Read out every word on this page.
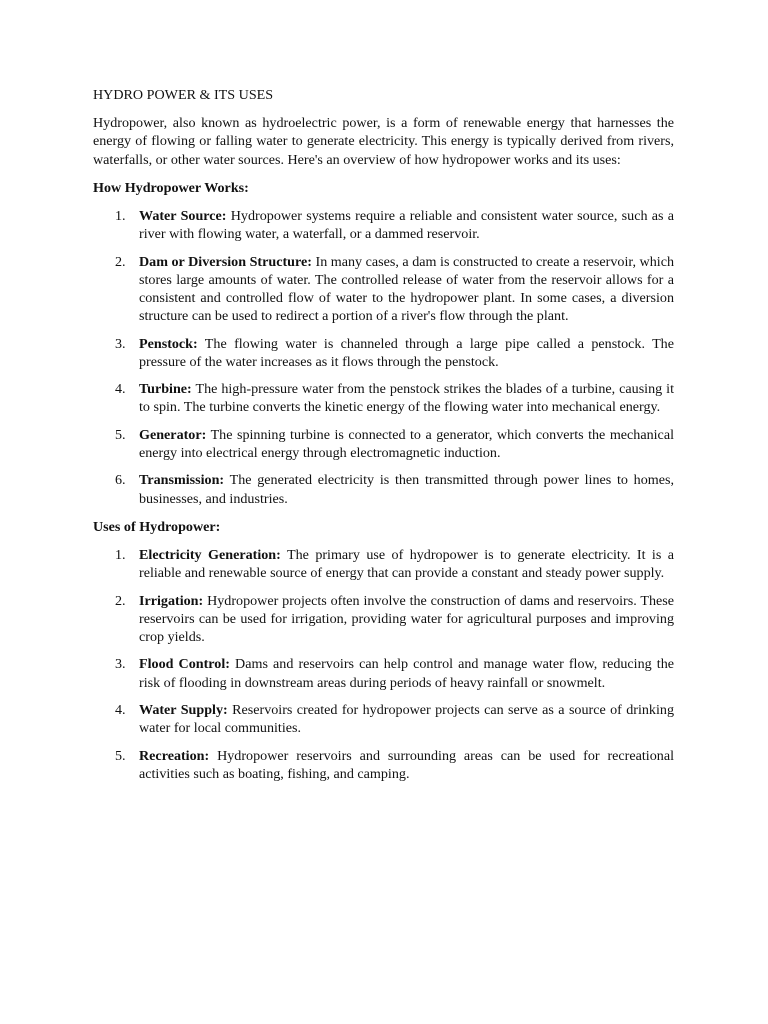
HYDRO POWER & ITS USES

Hydropower, also known as hydroelectric power, is a form of renewable energy that harnesses the energy of flowing or falling water to generate electricity. This energy is typically derived from rivers, waterfalls, or other water sources. Here's an overview of how hydropower works and its uses:

How Hydropower Works:

1. Water Source: Hydropower systems require a reliable and consistent water source, such as a river with flowing water, a waterfall, or a dammed reservoir.
2. Dam or Diversion Structure: In many cases, a dam is constructed to create a reservoir, which stores large amounts of water. The controlled release of water from the reservoir allows for a consistent and controlled flow of water to the hydropower plant. In some cases, a diversion structure can be used to redirect a portion of a river's flow through the plant.
3. Penstock: The flowing water is channeled through a large pipe called a penstock. The pressure of the water increases as it flows through the penstock.
4. Turbine: The high-pressure water from the penstock strikes the blades of a turbine, causing it to spin. The turbine converts the kinetic energy of the flowing water into mechanical energy.
5. Generator: The spinning turbine is connected to a generator, which converts the mechanical energy into electrical energy through electromagnetic induction.
6. Transmission: The generated electricity is then transmitted through power lines to homes, businesses, and industries.

Uses of Hydropower:

1. Electricity Generation: The primary use of hydropower is to generate electricity. It is a reliable and renewable source of energy that can provide a constant and steady power supply.
2. Irrigation: Hydropower projects often involve the construction of dams and reservoirs. These reservoirs can be used for irrigation, providing water for agricultural purposes and improving crop yields.
3. Flood Control: Dams and reservoirs can help control and manage water flow, reducing the risk of flooding in downstream areas during periods of heavy rainfall or snowmelt.
4. Water Supply: Reservoirs created for hydropower projects can serve as a source of drinking water for local communities.
5. Recreation: Hydropower reservoirs and surrounding areas can be used for recreational activities such as boating, fishing, and camping.
